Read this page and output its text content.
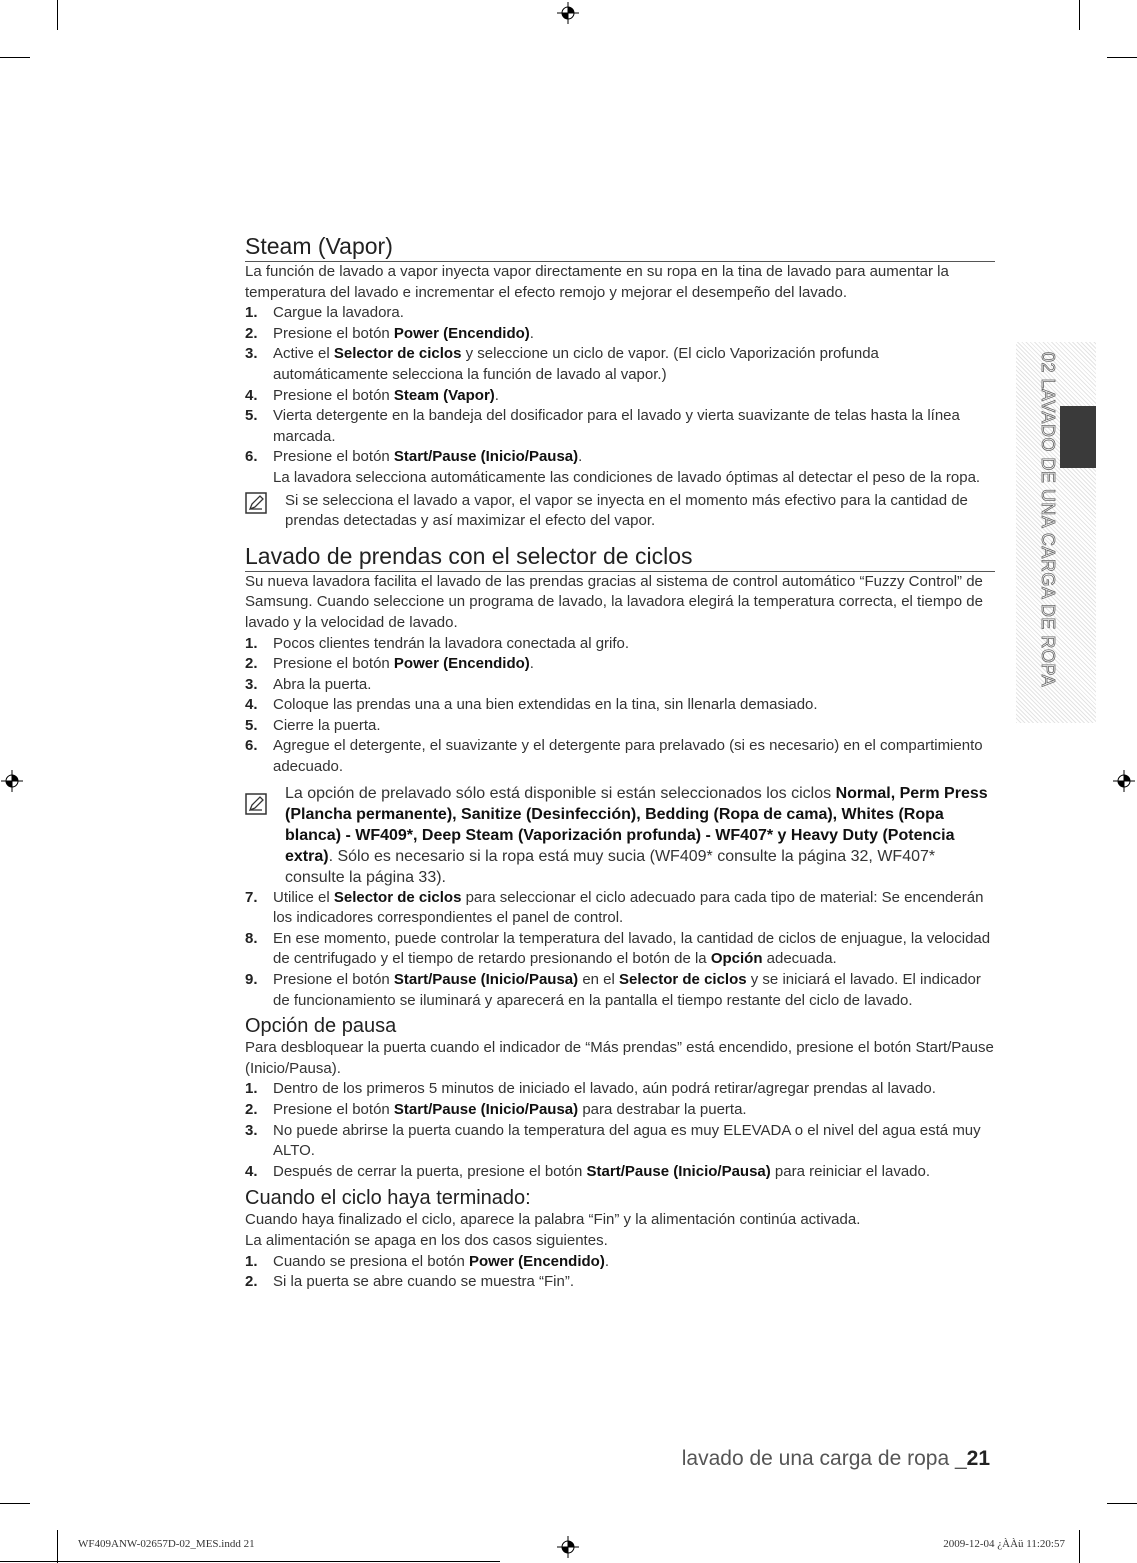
02 LAVADO DE UNA CARGA DE ROPA
Steam (Vapor)

La función de lavado a vapor inyecta vapor directamente en su ropa en la tina de lavado para aumentar la temperatura del lavado e incrementar el efecto remojo y mejorar el desempeño del lavado.

1. Cargue la lavadora.
2. Presione el botón Power (Encendido).
3. Active el Selector de ciclos y seleccione un ciclo de vapor. (El ciclo Vaporización profunda automáticamente selecciona la función de lavado al vapor.)
4. Presione el botón Steam (Vapor).
5. Vierta detergente en la bandeja del dosificador para el lavado y vierta suavizante de telas hasta la línea marcada.
6. Presione el botón Start/Pause (Inicio/Pausa).
La lavadora selecciona automáticamente las condiciones de lavado óptimas al detectar el peso de la ropa.
Si se selecciona el lavado a vapor, el vapor se inyecta en el momento más efectivo para la cantidad de prendas detectadas y así maximizar el efecto del vapor.
Lavado de prendas con el selector de ciclos

Su nueva lavadora facilita el lavado de las prendas gracias al sistema de control automático “Fuzzy Control” de Samsung. Cuando seleccione un programa de lavado, la lavadora elegirá la temperatura correcta, el tiempo de lavado y la velocidad de lavado.

1. Pocos clientes tendrán la lavadora conectada al grifo.
2. Presione el botón Power (Encendido).
3. Abra la puerta.
4. Coloque las prendas una a una bien extendidas en la tina, sin llenarla demasiado.
5. Cierre la puerta.
6. Agregue el detergente, el suavizante y el detergente para prelavado (si es necesario) en el compartimiento adecuado.
La opción de prelavado sólo está disponible si están seleccionados los ciclos Normal, Perm Press (Plancha permanente), Sanitize (Desinfección), Bedding (Ropa de cama), Whites (Ropa blanca) - WF409*, Deep Steam (Vaporización profunda) - WF407* y Heavy Duty (Potencia extra). Sólo es necesario si la ropa está muy sucia (WF409* consulte la página 32, WF407* consulte la página 33).
7. Utilice el Selector de ciclos para seleccionar el ciclo adecuado para cada tipo de material: Se encenderán los indicadores correspondientes el panel de control.
8. En ese momento, puede controlar la temperatura del lavado, la cantidad de ciclos de enjuague, la velocidad de centrifugado y el tiempo de retardo presionando el botón de la Opción adecuada.
9. Presione el botón Start/Pause (Inicio/Pausa) en el Selector de ciclos y se iniciará el lavado. El indicador de funcionamiento se iluminará y aparecerá en la pantalla el tiempo restante del ciclo de lavado.
Opción de pausa

Para desbloquear la puerta cuando el indicador de “Más prendas” está encendido, presione el botón Start/Pause (Inicio/Pausa).

1. Dentro de los primeros 5 minutos de iniciado el lavado, aún podrá retirar/agregar prendas al lavado.
2. Presione el botón Start/Pause (Inicio/Pausa) para destrabar la puerta.
3. No puede abrirse la puerta cuando la temperatura del agua es muy ELEVADA o el nivel del agua está muy ALTO.
4. Después de cerrar la puerta, presione el botón Start/Pause (Inicio/Pausa) para reiniciar el lavado.
Cuando el ciclo haya terminado:

Cuando haya finalizado el ciclo, aparece la palabra “Fin” y la alimentación continúa activada.

La alimentación se apaga en los dos casos siguientes.

1. Cuando se presiona el botón Power (Encendido).
2. Si la puerta se abre cuando se muestra “Fin”.
lavado de una carga de ropa _21
WF409ANW-02657D-02_MES.indd 21	2009-12-04 ¿ÀÀü 11:20:57
